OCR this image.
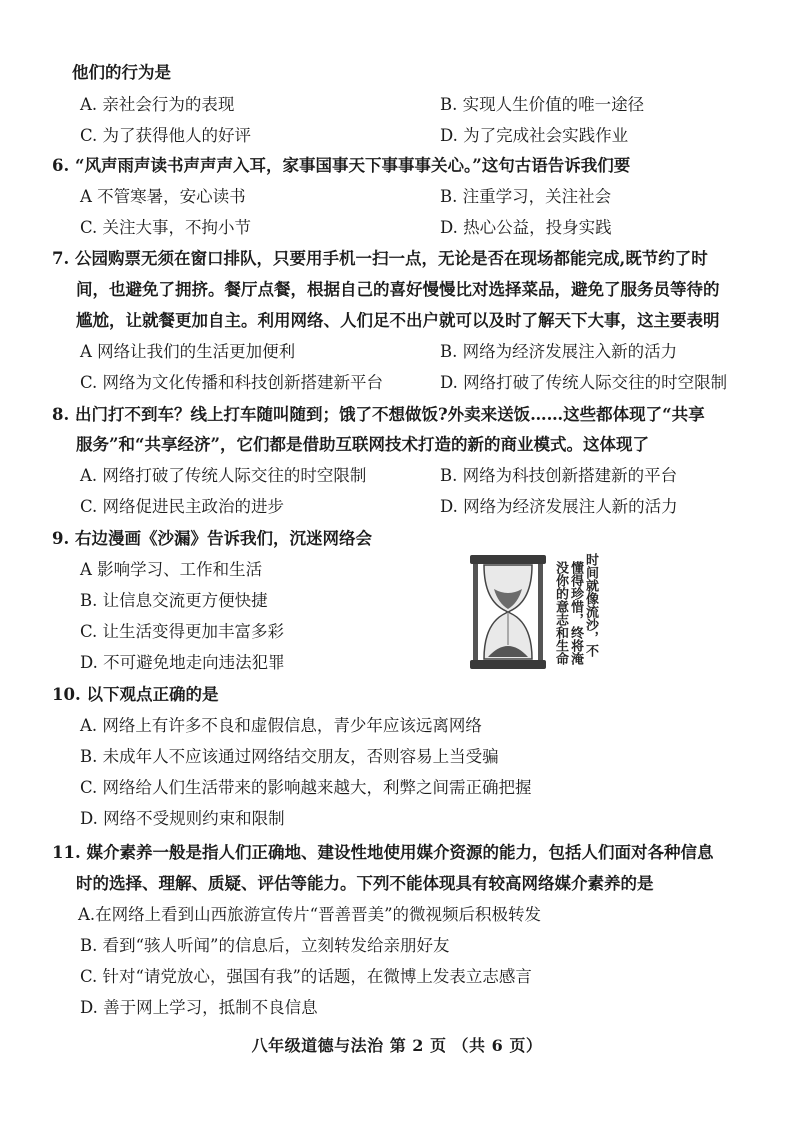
他们的行为是
A. 亲社会行为的表现	B. 实现人生价值的唯一途径
C. 为了获得他人的好评	D. 为了完成社会实践作业
6. “风声雨声读书声声声入耳，家事国事天下事事事关心。”这句古语告诉我们要
A 不管寒暑，安心读书	B. 注重学习，关注社会
C. 关注大事，不拘小节	D. 热心公益，投身实践
7. 公园购票无须在窗口排队，只要用手机一扫一点，无论是否在现场都能完成,既节约了时
间，也避免了拥挤。餐厅点餐，根据自己的喜好慢慢比对选择菜品，避免了服务员等待的
尴尬，让就餐更加自主。利用网络、人们足不出户就可以及时了解天下大事，这主要表明
A 网络让我们的生活更加便利	B. 网络为经济发展注入新的活力
C. 网络为文化传播和科技创新搭建新平台	D. 网络打破了传统人际交往的时空限制
8. 出门打不到车？线上打车随叫随到；饿了不想做饭?外卖来送饭……这些都体现了“共享
服务”和“共享经济”，它们都是借助互联网技术打造的新的商业模式。这体现了
A. 网络打破了传统人际交往的时空限制	B. 网络为科技创新搭建新的平台
C. 网络促进民主政治的进步	D. 网络为经济发展注人新的活力
9. 右边漫画《沙漏》告诉我们，沉迷网络会
A 影响学习、工作和生活
B. 让信息交流更方便快捷
C. 让生活变得更加丰富多彩
D. 不可避免地走向违法犯罪
时间就像流沙，不
懂得珍惜，终将淹
没你的意志和生命
10. 以下观点正确的是
A. 网络上有许多不良和虚假信息，青少年应该远离网络
B. 未成年人不应该通过网络结交朋友，否则容易上当受骗
C. 网络给人们生活带来的影响越来越大，利弊之间需正确把握
D. 网络不受规则约束和限制
11. 媒介素养一般是指人们正确地、建设性地使用媒介资源的能力，包括人们面对各种信息
时的选择、理解、质疑、评估等能力。下列不能体现具有较高网络媒介素养的是
A.在网络上看到山西旅游宣传片“晋善晋美”的微视频后积极转发
B. 看到“骇人听闻”的信息后，立刻转发给亲朋好友
C. 针对“请党放心，强国有我”的话题，在微博上发表立志感言
D. 善于网上学习，抵制不良信息
八年级道德与法治 第 2 页 （共 6 页）
